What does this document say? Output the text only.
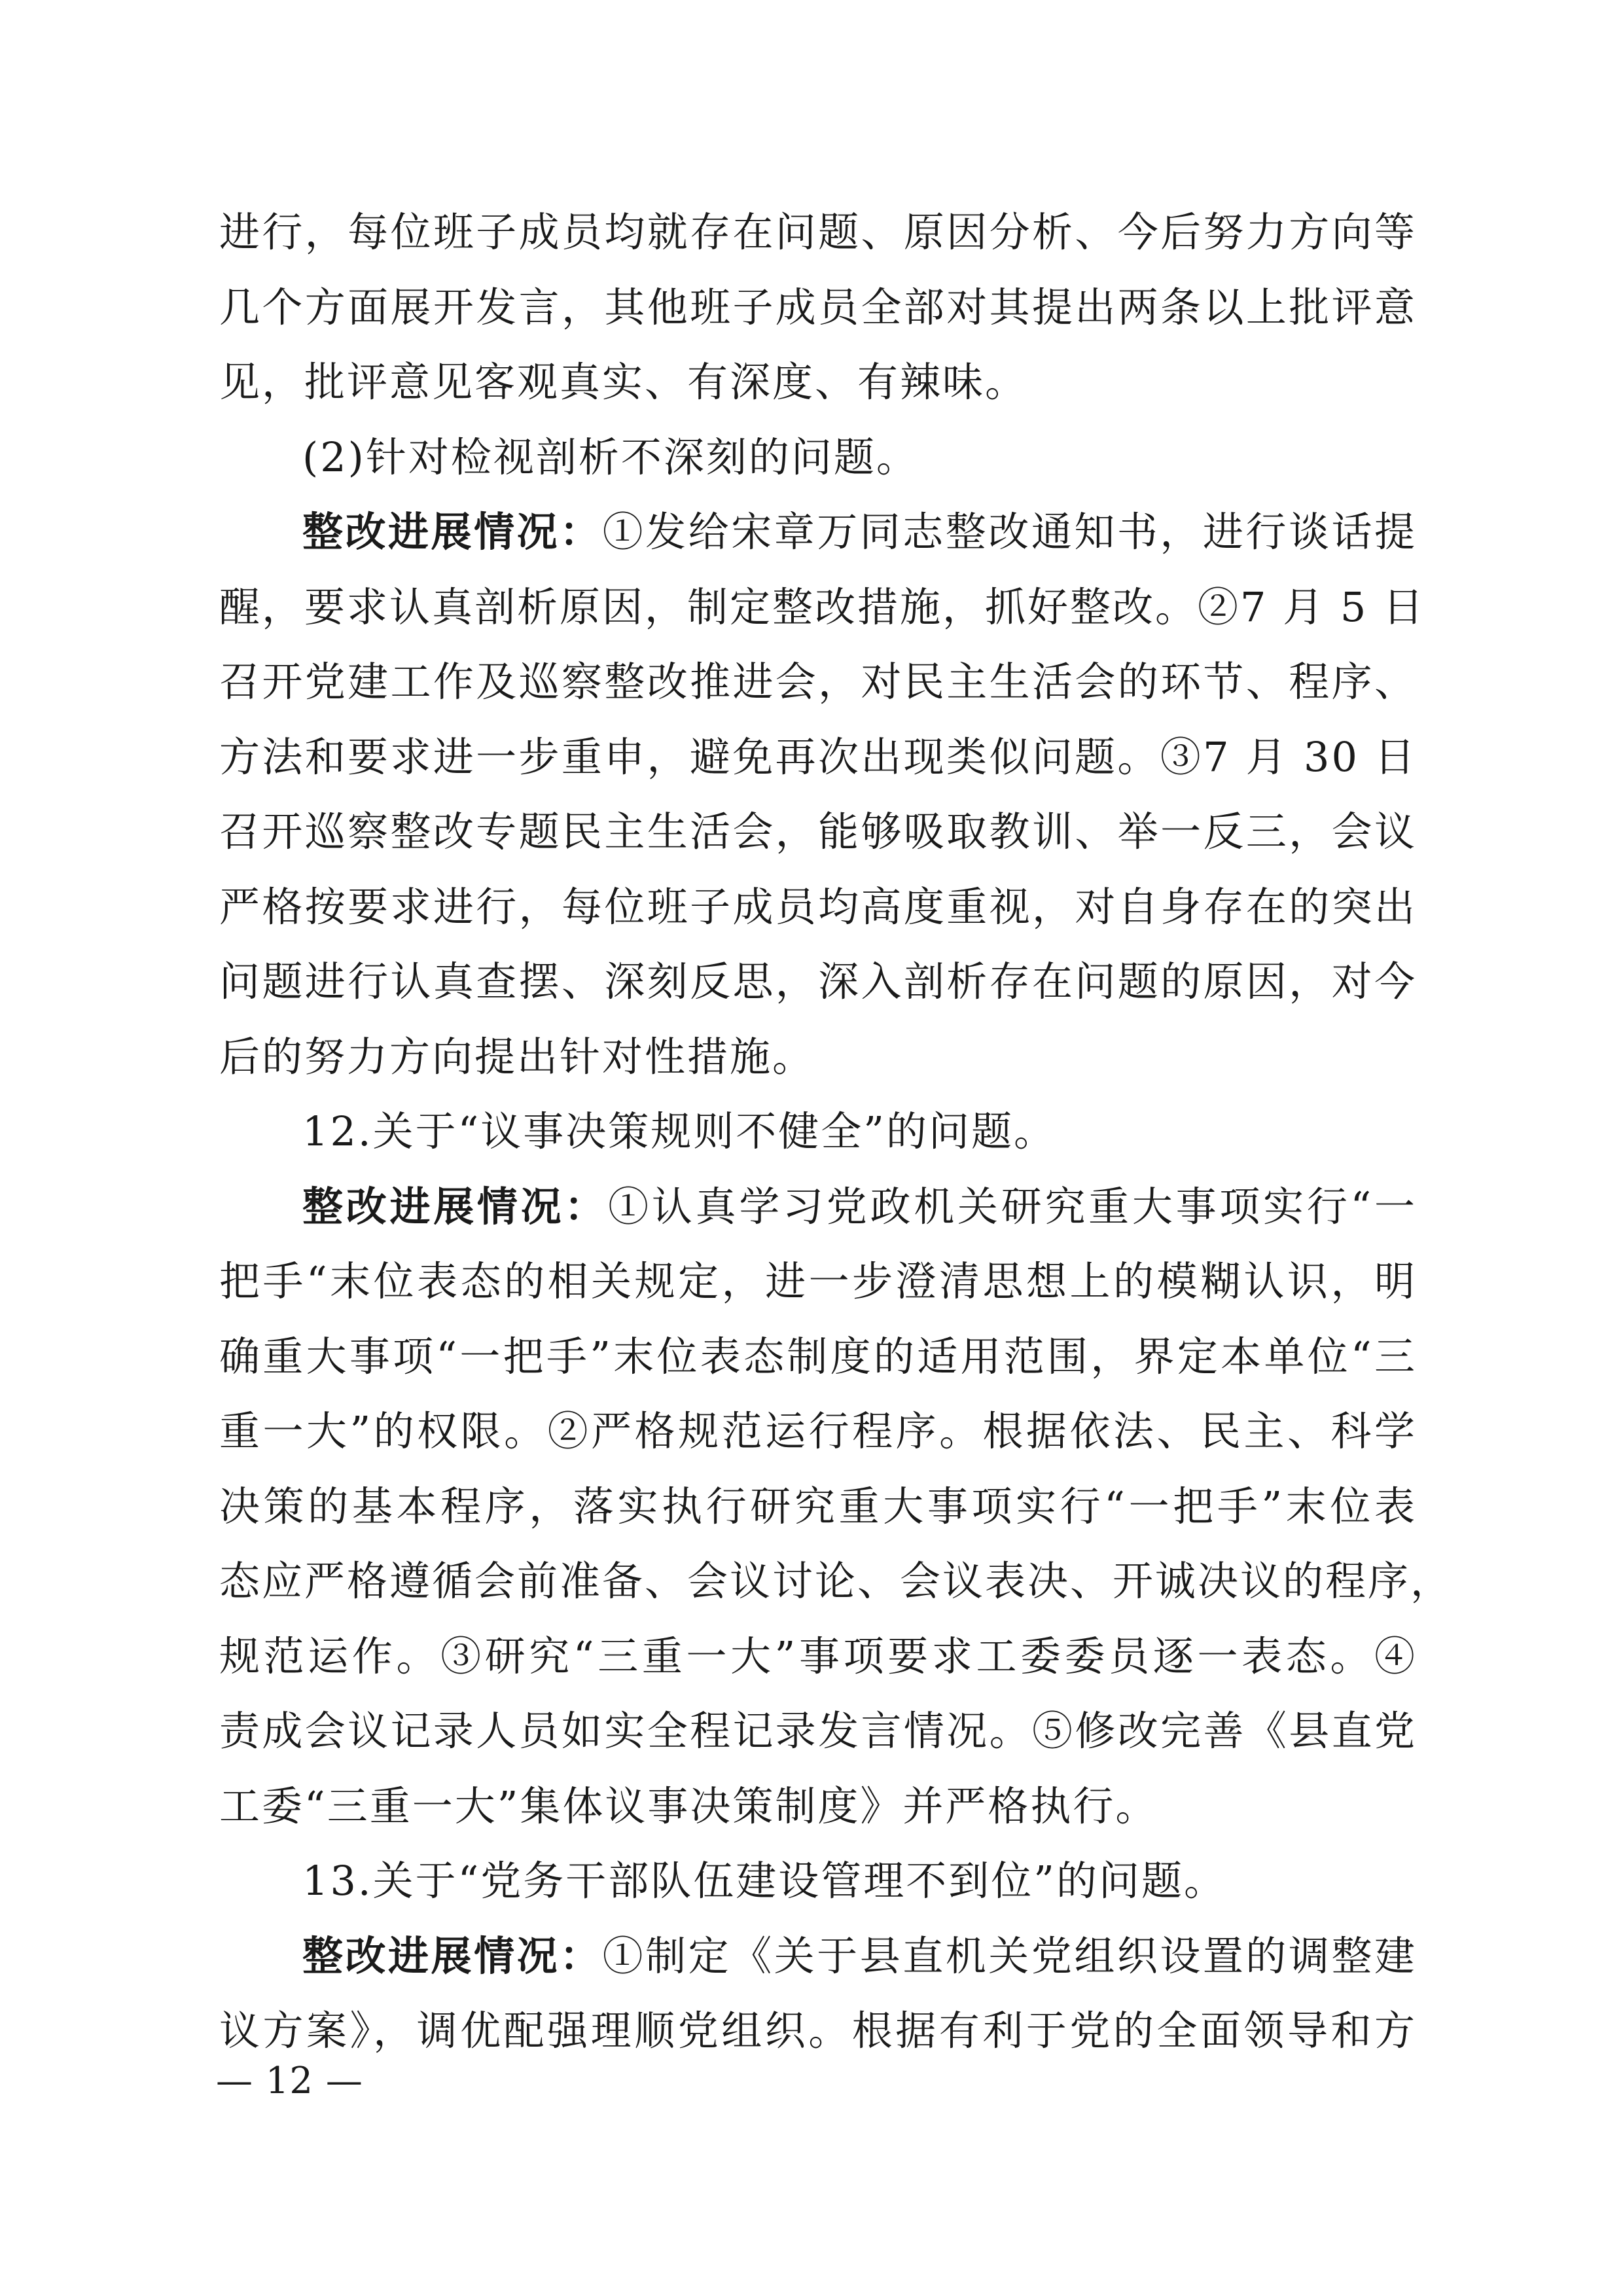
进行，每位班子成员均就存在问题、原因分析、今后努力方向等
几个方面展开发言，其他班子成员全部对其提出两条以上批评意
见，批评意见客观真实、有深度、有辣味。
(2)针对检视剖析不深刻的问题。
整改进展情况：①发给宋章万同志整改通知书，进行谈话提
醒，要求认真剖析原因，制定整改措施，抓好整改。②7 月 5 日
召开党建工作及巡察整改推进会，对民主生活会的环节、程序、
方法和要求进一步重申，避免再次出现类似问题。③7 月 30 日
召开巡察整改专题民主生活会，能够吸取教训、举一反三，会议
严格按要求进行，每位班子成员均高度重视，对自身存在的突出
问题进行认真查摆、深刻反思，深入剖析存在问题的原因，对今
后的努力方向提出针对性措施。
12.关于“议事决策规则不健全”的问题。
整改进展情况：①认真学习党政机关研究重大事项实行“一
把手“末位表态的相关规定，进一步澄清思想上的模糊认识，明
确重大事项“一把手”末位表态制度的适用范围，界定本单位“三
重一大”的权限。②严格规范运行程序。根据依法、民主、科学
决策的基本程序，落实执行研究重大事项实行“一把手”末位表
态应严格遵循会前准备、会议讨论、会议表决、开诚决议的程序，
规范运作。③研究“三重一大”事项要求工委委员逐一表态。④
责成会议记录人员如实全程记录发言情况。⑤修改完善《县直党
工委“三重一大”集体议事决策制度》并严格执行。
13.关于“党务干部队伍建设管理不到位”的问题。
整改进展情况：①制定《关于县直机关党组织设置的调整建
议方案》，调优配强理顺党组织。根据有利于党的全面领导和方
— 12 —
